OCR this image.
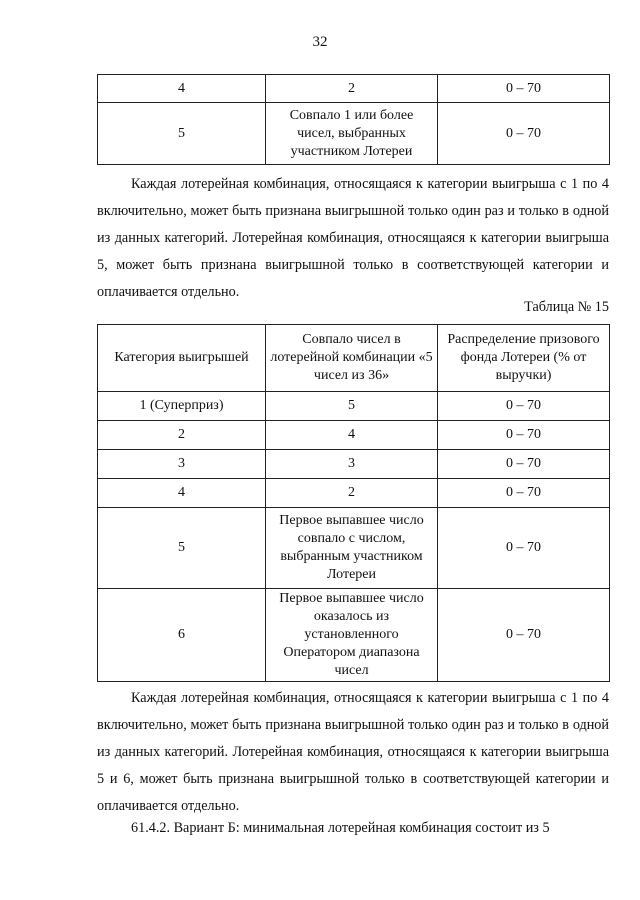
32
4	2	0 – 70
5	Совпало 1 или более чисел, выбранных участником Лотереи	0 – 70

Каждая лотерейная комбинация, относящаяся к категории выигрыша с 1 по 4 включительно, может быть признана выигрышной только один раз и только в одной из данных категорий. Лотерейная комбинация, относящаяся к категории выигрыша 5, может быть признана выигрышной только в соответствующей категории и оплачивается отдельно.

Таблица № 15
Категория выигрышей	Совпало чисел в лотерейной комбинации «5 чисел из 36»	Распределение призового фонда Лотереи (% от выручки)
1 (Суперприз)	5	0 – 70
2	4	0 – 70
3	3	0 – 70
4	2	0 – 70
5	Первое выпавшее число совпало с числом, выбранным участником Лотереи	0 – 70
6	Первое выпавшее число оказалось из установленного Оператором диапазона чисел	0 – 70

Каждая лотерейная комбинация, относящаяся к категории выигрыша с 1 по 4 включительно, может быть признана выигрышной только один раз и только в одной из данных категорий. Лотерейная комбинация, относящаяся к категории выигрыша 5 и 6, может быть признана выигрышной только в соответствующей категории и оплачивается отдельно.

61.4.2. Вариант Б: минимальная лотерейная комбинация состоит из 5
